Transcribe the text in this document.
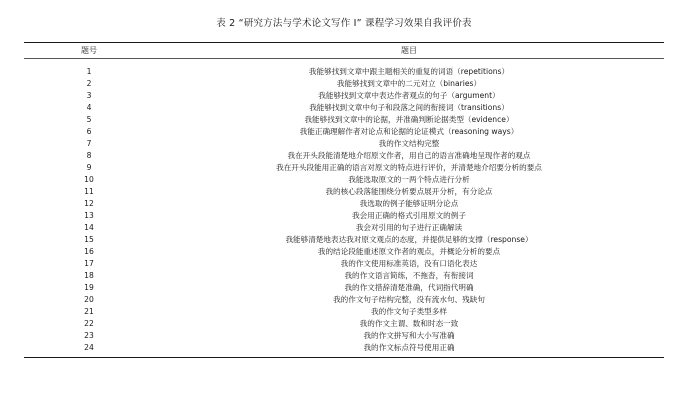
表 2 “研究方法与学术论文写作 I” 课程学习效果自我评价表
题号	题目
1	我能够找到文章中跟主题相关的重复的词语（repetitions）
2	我能够找到文章中的二元对立（binaries）
3	我能够找到文章中表达作者观点的句子（argument）
4	我能够找到文章中句子和段落之间的衔接词（transitions）
5	我能够找到文章中的论据，并准确判断论据类型（evidence）
6	我能正确理解作者对论点和论据的论证模式（reasoning ways）
7	我的作文结构完整
8	我在开头段能清楚地介绍原文作者，用自己的语言准确地呈现作者的观点
9	我在开头段能用正确的语言对原文的特点进行评价，并清楚地介绍要分析的要点
10	我能选取原文的一两个特点进行分析
11	我的核心段落能围绕分析要点展开分析，有分论点
12	我选取的例子能够证明分论点
13	我会用正确的格式引用原文的例子
14	我会对引用的句子进行正确解读
15	我能够清楚地表达我对原文观点的态度，并提供足够的支撑（response）
16	我的结论段能重述原文作者的观点，并概论分析的要点
17	我的作文使用标准英语，没有口语化表达
18	我的作文语言简练，不拖沓，有衔接词
19	我的作文措辞清楚准确，代词指代明确
20	我的作文句子结构完整，没有流水句、残缺句
21	我的作文句子类型多样
22	我的作文主谓、数和时态一致
23	我的作文拼写和大小写准确
24	我的作文标点符号使用正确
